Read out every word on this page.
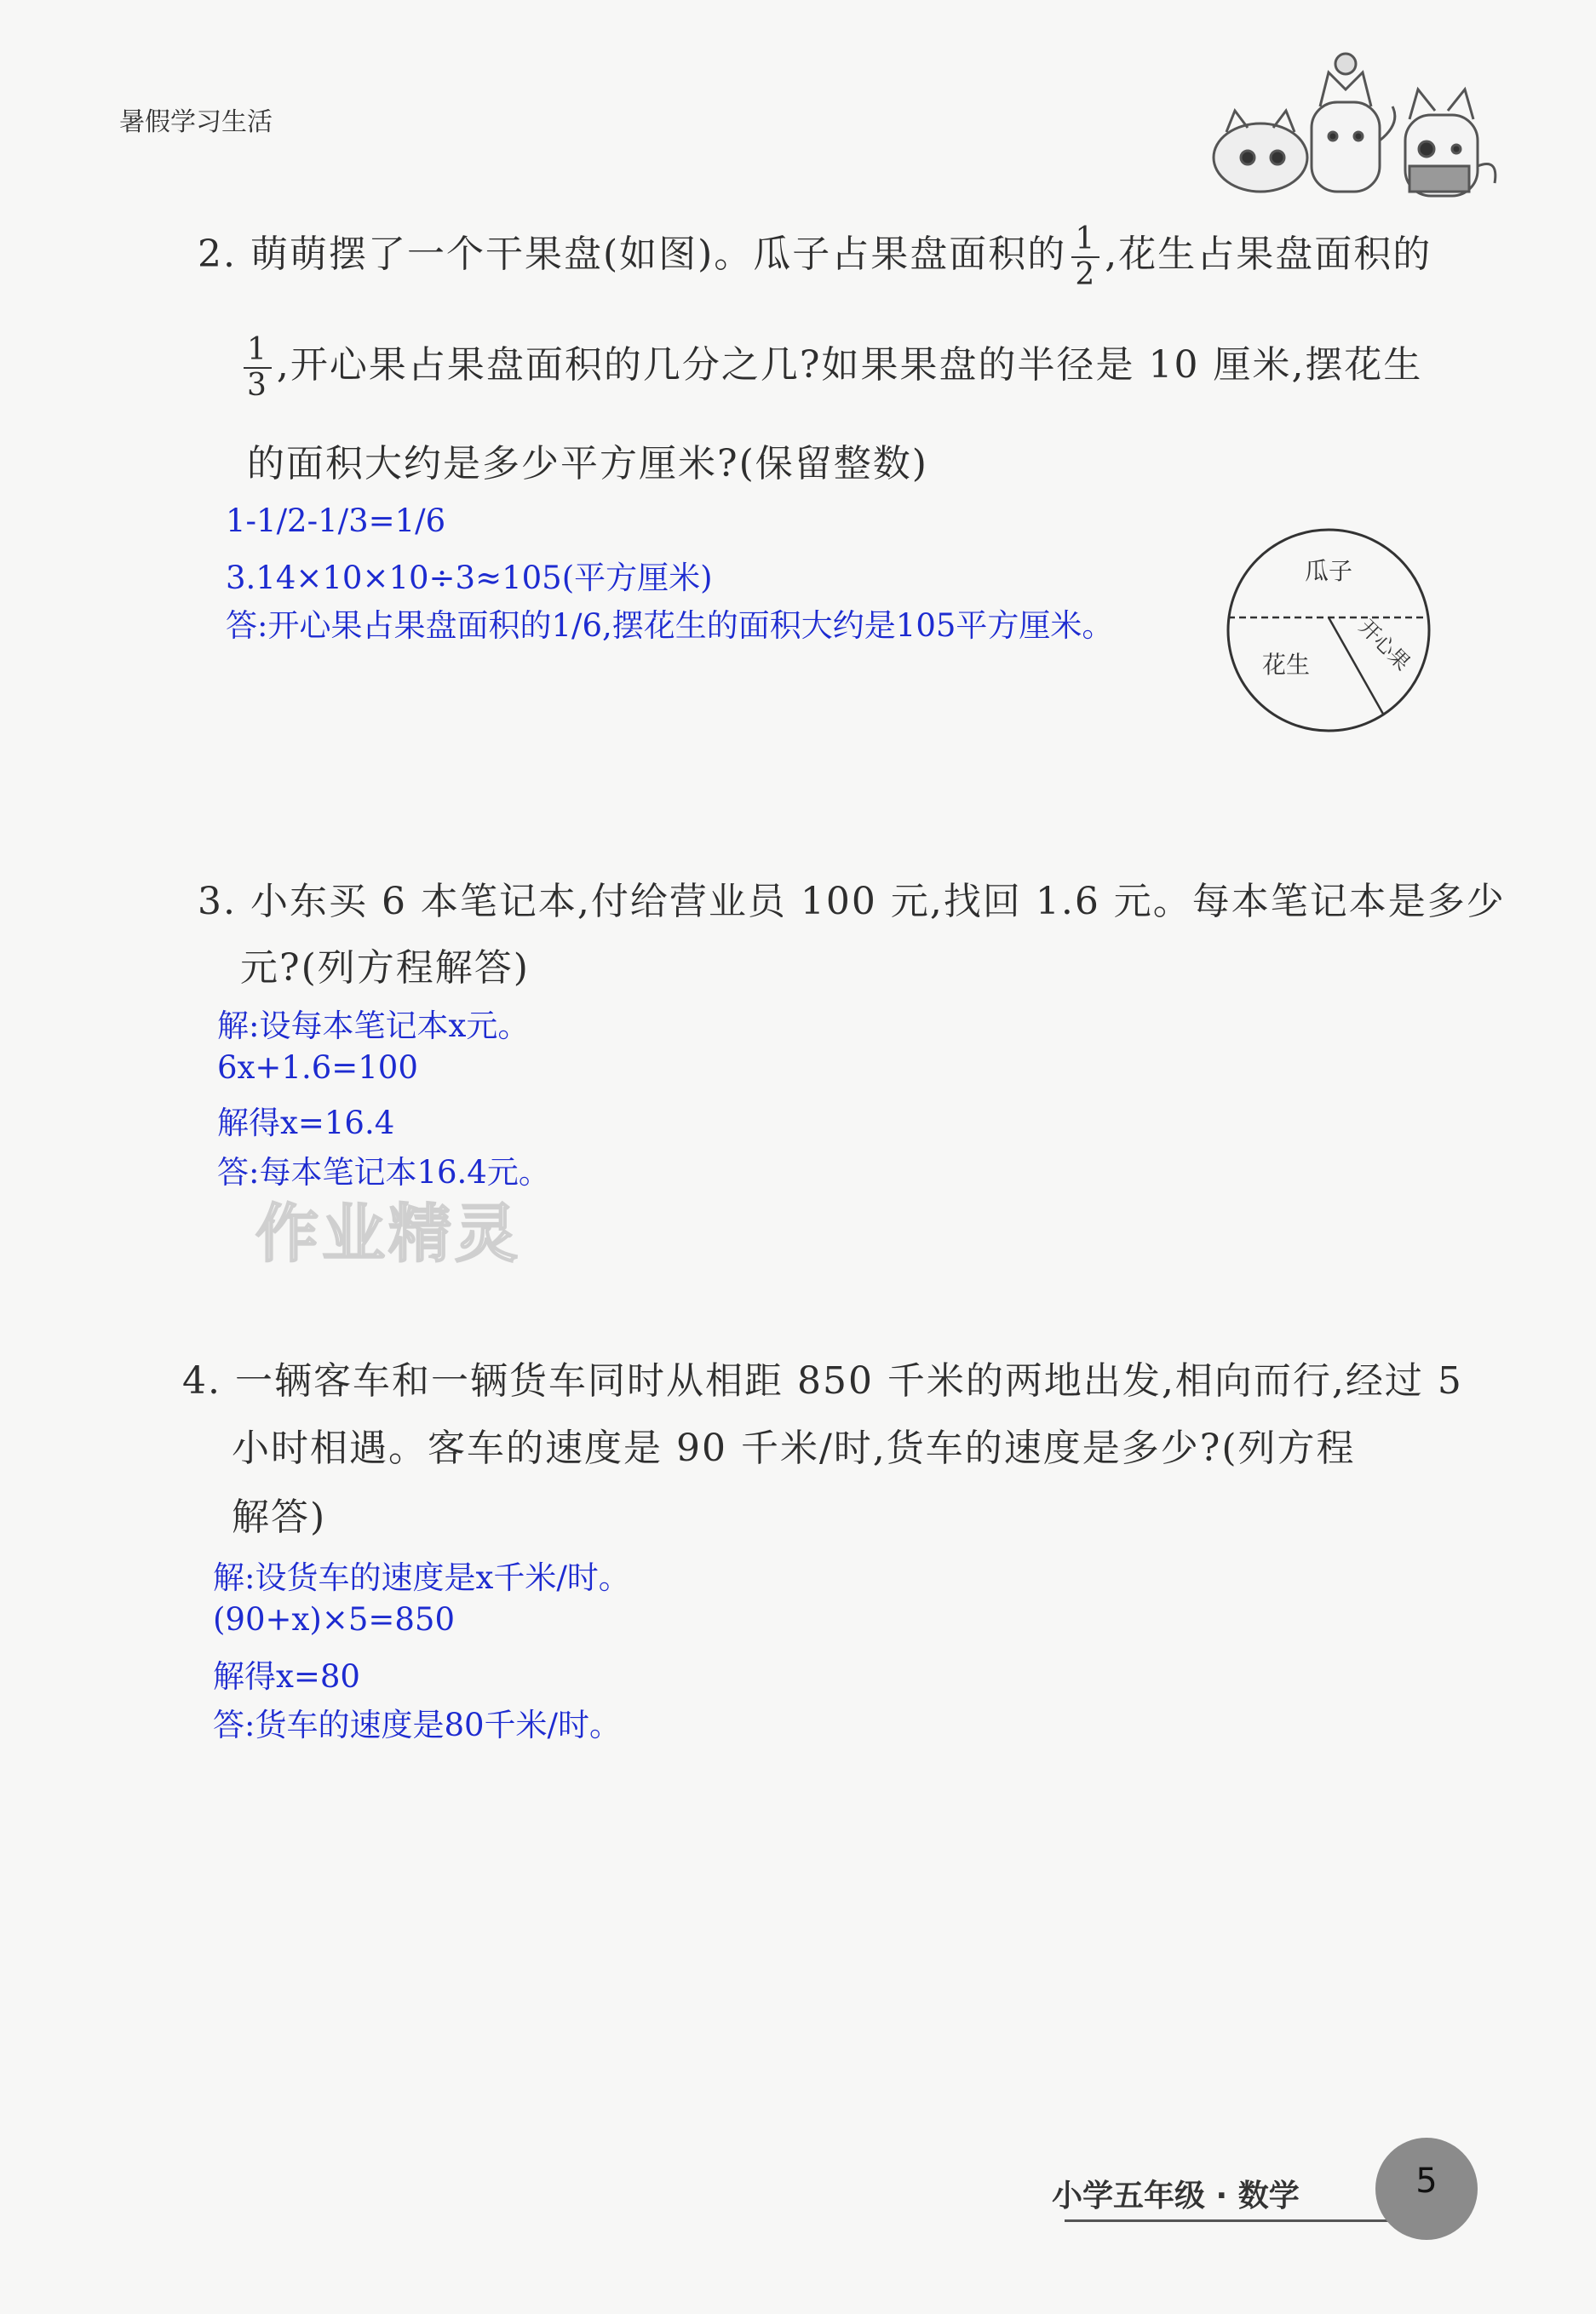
暑假学习生活
2. 萌萌摆了一个干果盘(如图)。瓜子占果盘面积的 $\frac{1}{2}$ ,花生占果盘面积的
$\frac{1}{3}$ ,开心果占果盘面积的几分之几?如果果盘的半径是 10 厘米,摆花生
的面积大约是多少平方厘米?(保留整数)
1-1/2-1/3=1/6
3.14×10×10÷3≈105(平方厘米)
答:开心果占果盘面积的1/6,摆花生的面积大约是105平方厘米。
瓜子
花生 开心果
3. 小东买 6 本笔记本,付给营业员 100 元,找回 1.6 元。每本笔记本是多少
元?(列方程解答)
解:设每本笔记本x元。
6x+1.6=100
解得x=16.4
答:每本笔记本16.4元。
作业精灵
4. 一辆客车和一辆货车同时从相距 850 千米的两地出发,相向而行,经过 5
小时相遇。客车的速度是 90 千米/时,货车的速度是多少?(列方程
解答)
解:设货车的速度是x千米/时。
(90+x)×5=850
解得x=80
答:货车的速度是80千米/时。
小学五年级 · 数学	5
